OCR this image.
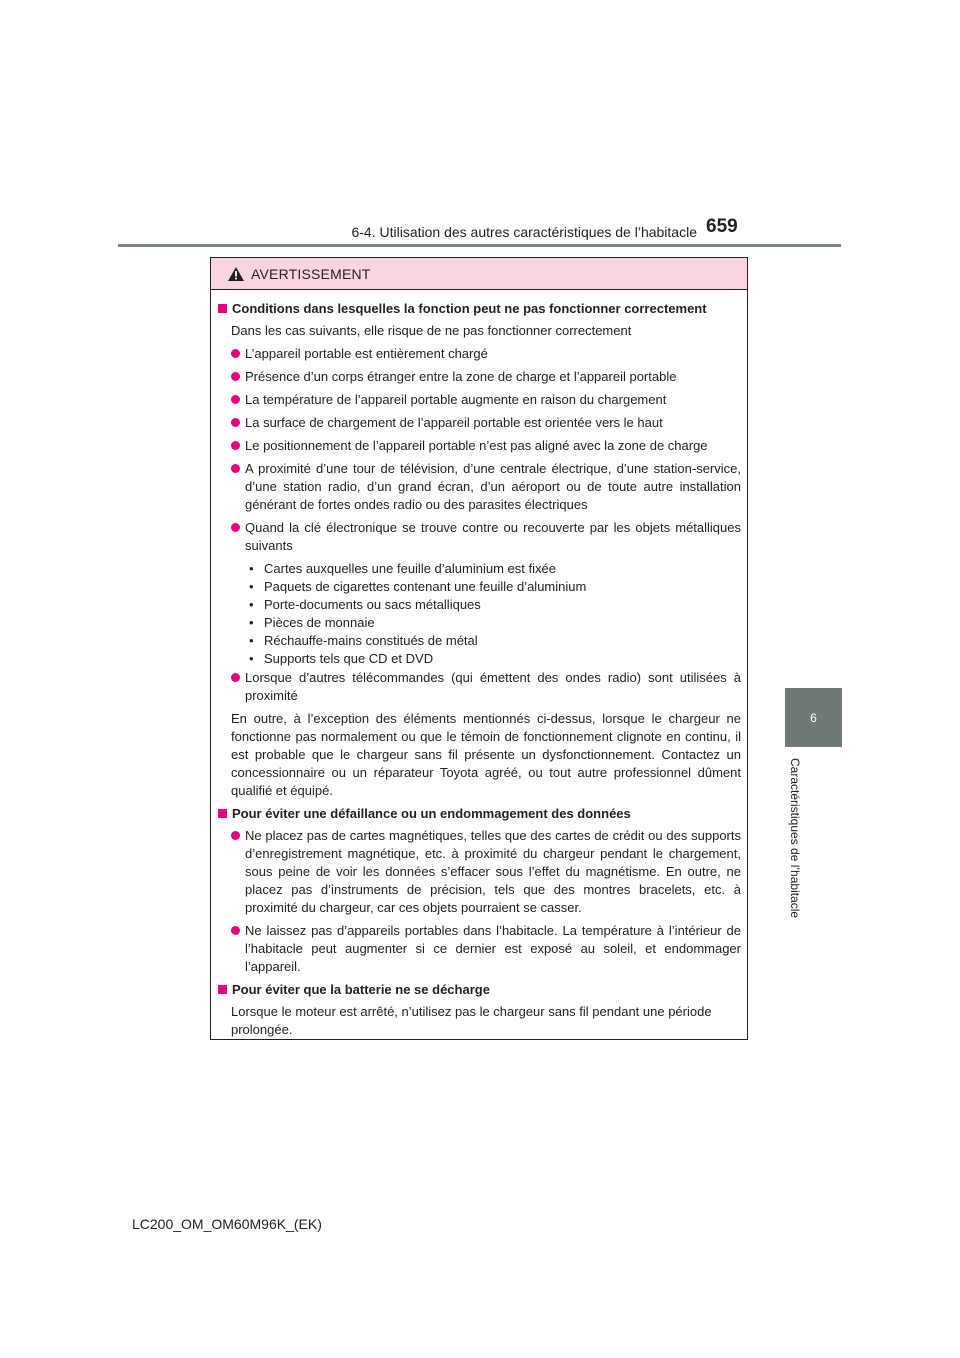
6-4. Utilisation des autres caractéristiques de l’habitacle 659
6
Caractéristiques de l’habitacle
AVERTISSEMENT
Conditions dans lesquelles la fonction peut ne pas fonctionner correctement
Dans les cas suivants, elle risque de ne pas fonctionner correctement
L’appareil portable est entièrement chargé
Présence d’un corps étranger entre la zone de charge et l’appareil portable
La température de l’appareil portable augmente en raison du chargement
La surface de chargement de l’appareil portable est orientée vers le haut
Le positionnement de l’appareil portable n’est pas aligné avec la zone de charge
A proximité d’une tour de télévision, d’une centrale électrique, d’une station-service, d’une station radio, d’un grand écran, d’un aéroport ou de toute autre installation générant de fortes ondes radio ou des parasites électriques
Quand la clé électronique se trouve contre ou recouverte par les objets métalliques suivants
• Cartes auxquelles une feuille d’aluminium est fixée
• Paquets de cigarettes contenant une feuille d’aluminium
• Porte-documents ou sacs métalliques
• Pièces de monnaie
• Réchauffe-mains constitués de métal
• Supports tels que CD et DVD
Lorsque d’autres télécommandes (qui émettent des ondes radio) sont utilisées à proximité
En outre, à l’exception des éléments mentionnés ci-dessus, lorsque le chargeur ne fonctionne pas normalement ou que le témoin de fonctionnement clignote en continu, il est probable que le chargeur sans fil présente un dysfonctionnement. Contactez un concessionnaire ou un réparateur Toyota agréé, ou tout autre professionnel dûment qualifié et équipé.
Pour éviter une défaillance ou un endommagement des données
Ne placez pas de cartes magnétiques, telles que des cartes de crédit ou des supports d’enregistrement magnétique, etc. à proximité du chargeur pendant le chargement, sous peine de voir les données s’effacer sous l’effet du magnétisme. En outre, ne placez pas d’instruments de précision, tels que des montres bracelets, etc. à proximité du chargeur, car ces objets pourraient se casser.
Ne laissez pas d’appareils portables dans l’habitacle. La température à l’intérieur de l’habitacle peut augmenter si ce dernier est exposé au soleil, et endommager l’appareil.
Pour éviter que la batterie ne se décharge
Lorsque le moteur est arrêté, n’utilisez pas le chargeur sans fil pendant une période prolongée.
LC200_OM_OM60M96K_(EK)
